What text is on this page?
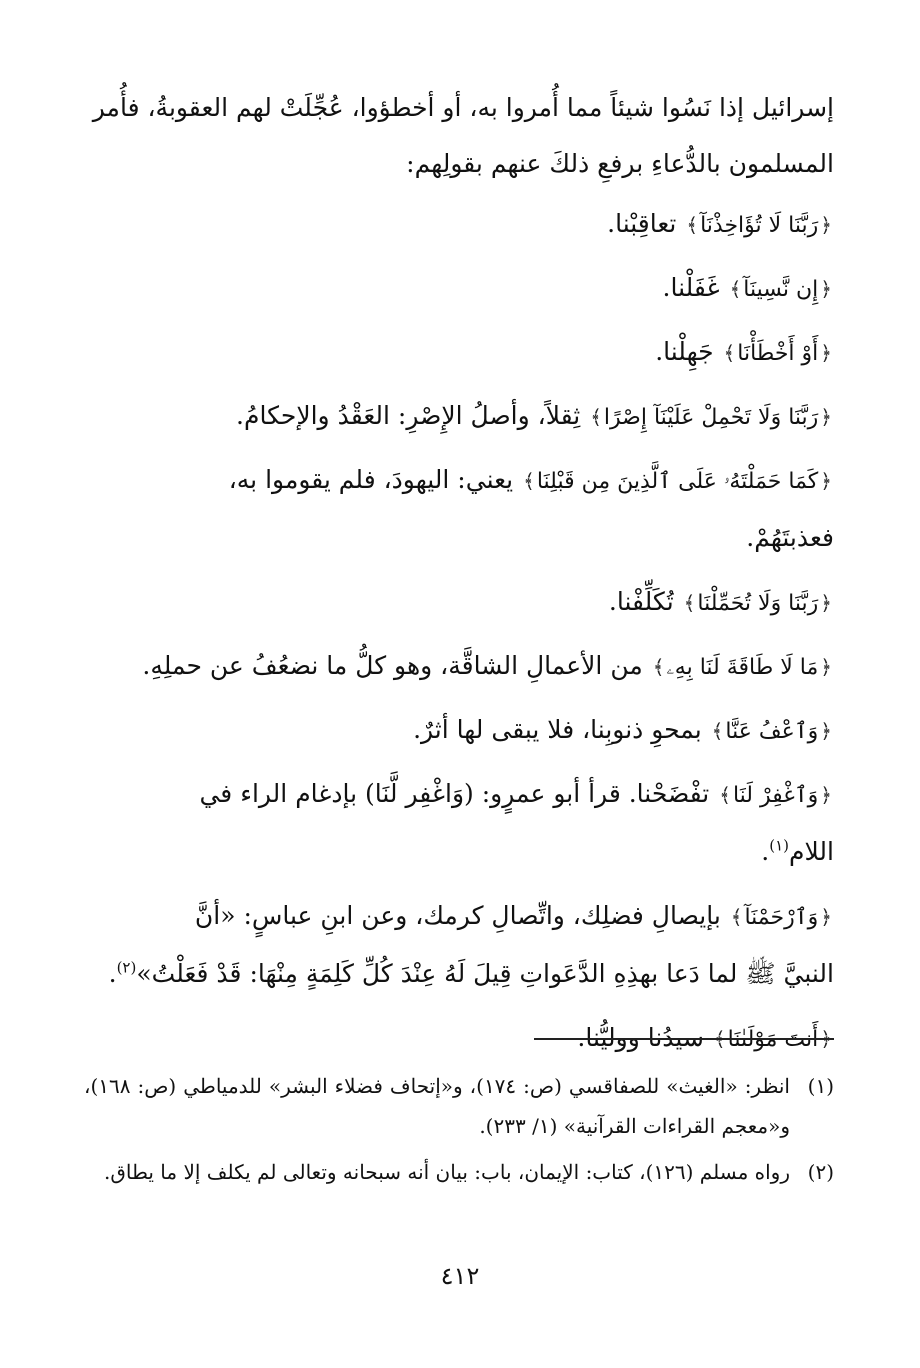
إسرائيل إذا نَسُوا شيئاً مما أُمروا به، أو أخطؤوا، عُجِّلَتْ لهم العقوبةُ، فأُمر
المسلمون بالدُّعاءِ برفعِ ذلكَ عنهم بقولِهم:

﴿رَبَّنَا لَا تُؤَاخِذْنَآ﴾ تعاقِبْنا.

﴿إِن نَّسِينَآ﴾ غَفَلْنا.

﴿أَوْ أَخْطَأْنَا﴾ جَهِلْنا.

﴿رَبَّنَا وَلَا تَحْمِلْ عَلَيْنَآ إِصْرًا﴾ ثِقلاً، وأصلُ الإِصْرِ: العَقْدُ والإحكامُ.

﴿كَمَا حَمَلْتَهُۥ عَلَى ٱلَّذِينَ مِن قَبْلِنَا﴾ يعني: اليهودَ، فلم يقوموا به،
فعذبتَهُمْ.

﴿رَبَّنَا وَلَا تُحَمِّلْنَا﴾ تُكَلِّفْنا.

﴿مَا لَا طَاقَةَ لَنَا بِهِۦ﴾ من الأعمالِ الشاقَّة، وهو كلُّ ما نضعُفُ عن حملِهِ.

﴿وَٱعْفُ عَنَّا﴾ بمحوِ ذنوبِنا، فلا يبقى لها أثرٌ.

﴿وَٱغْفِرْ لَنَا﴾ تفْضَحْنا. قرأ أبو عمرٍو: (وَاغْفِر لَّنَا) بإدغام الراء في
اللام$^{(١)}$.

﴿وَٱرْحَمْنَآ﴾ بإيصالِ فضلِك، واتِّصالِ كرمك، وعن ابنِ عباسٍ: «أنَّ
النبيَّ ﷺ لما دَعا بهذِهِ الدَّعَواتِ قِيلَ لَهُ عِنْدَ كُلِّ كَلِمَةٍ مِنْهَا: قَدْ فَعَلْتُ»$^{(٢)}$.

﴿أَنتَ مَوْلَىٰنَا﴾ سيدُنا ووليُّنا.

(١)
انظر: «الغيث» للصفاقسي (ص: ١٧٤)، و«إتحاف فضلاء البشر» للدمياطي (ص: ١٦٨)، و«معجم القراءات القرآنية» (١/ ٢٣٣).
(٢)
رواه مسلم (١٢٦)، كتاب: الإيمان، باب: بيان أنه سبحانه وتعالى لم يكلف إلا ما يطاق.
٤١٢
